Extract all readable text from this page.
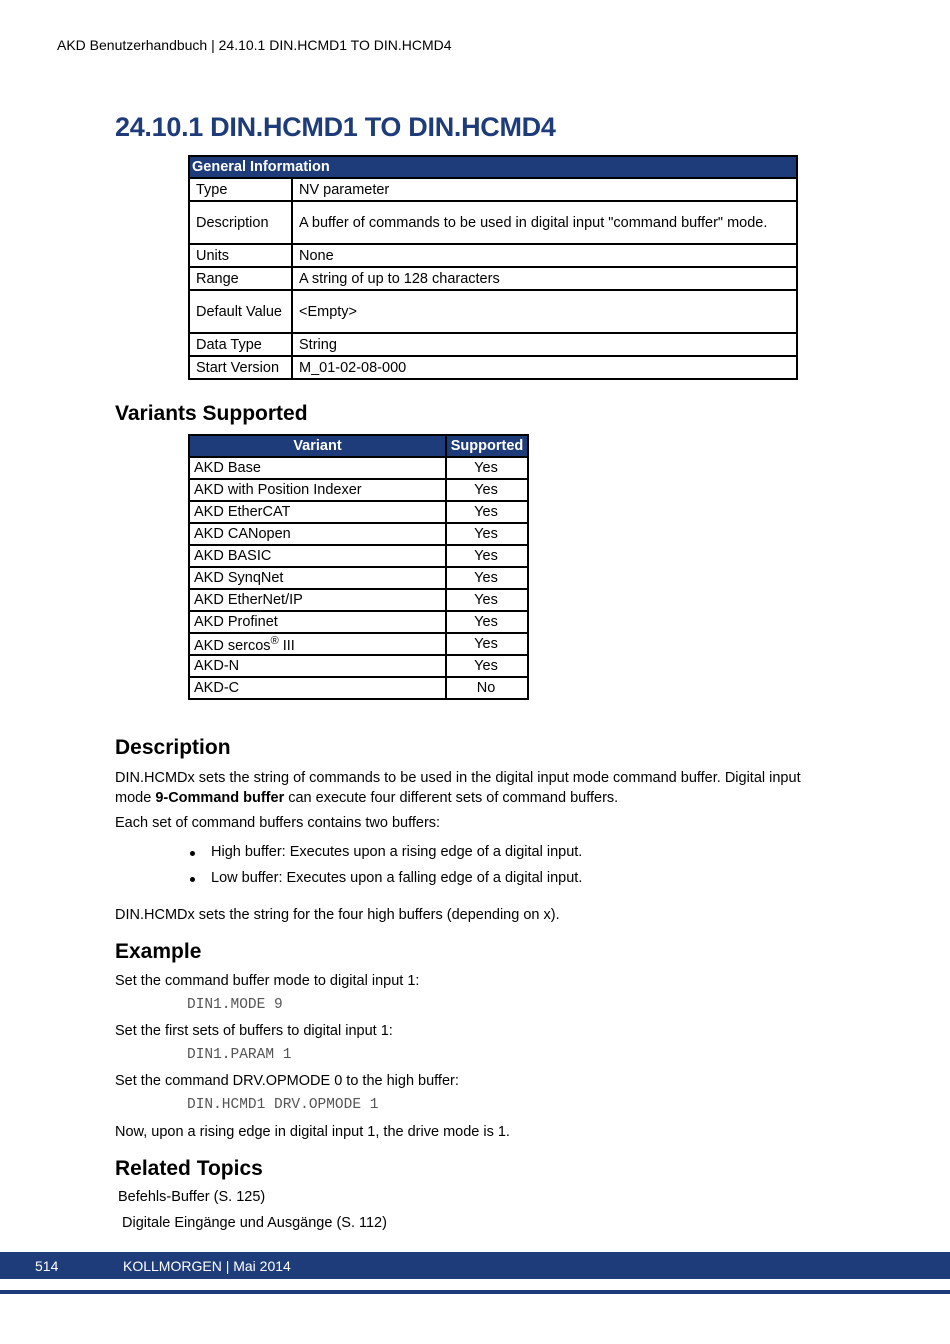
AKD Benutzerhandbuch | 24.10.1 DIN.HCMD1 TO DIN.HCMD4
24.10.1 DIN.HCMD1 TO DIN.HCMD4
General Information	
Type	NV parameter
Description	A buffer of commands to be used in digital input "command buffer" mode.
Units	None
Range	A string of up to 128 characters
Default Value	<Empty>
Data Type	String
Start Version	M_01-02-08-000
Variants Supported
Variant	Supported
AKD Base	Yes
AKD with Position Indexer	Yes
AKD EtherCAT	Yes
AKD CANopen	Yes
AKD BASIC	Yes
AKD SynqNet	Yes
AKD EtherNet/IP	Yes
AKD Profinet	Yes
AKD sercos® III	Yes
AKD-N	Yes
AKD-C	No
Description

DIN.HCMDx sets the string of commands to be used in the digital input mode command buffer. Digital input mode 9-Command buffer can execute four different sets of command buffers.

Each set of command buffers contains two buffers:

High buffer: Executes upon a rising edge of a digital input.
Low buffer: Executes upon a falling edge of a digital input.

DIN.HCMDx sets the string for the four high buffers (depending on x).

Example

Set the command buffer mode to digital input 1:

DIN1.MODE 9

Set the first sets of buffers to digital input 1:

DIN1.PARAM 1

Set the command DRV.OPMODE 0 to the high buffer:

DIN.HCMD1 DRV.OPMODE 1

Now, upon a rising edge in digital input 1, the drive mode is 1.

Related Topics

Befehls-Buffer (S. 125)

Digitale Eingänge und Ausgänge (S. 112)

514	KOLLMORGEN | Mai 2014
